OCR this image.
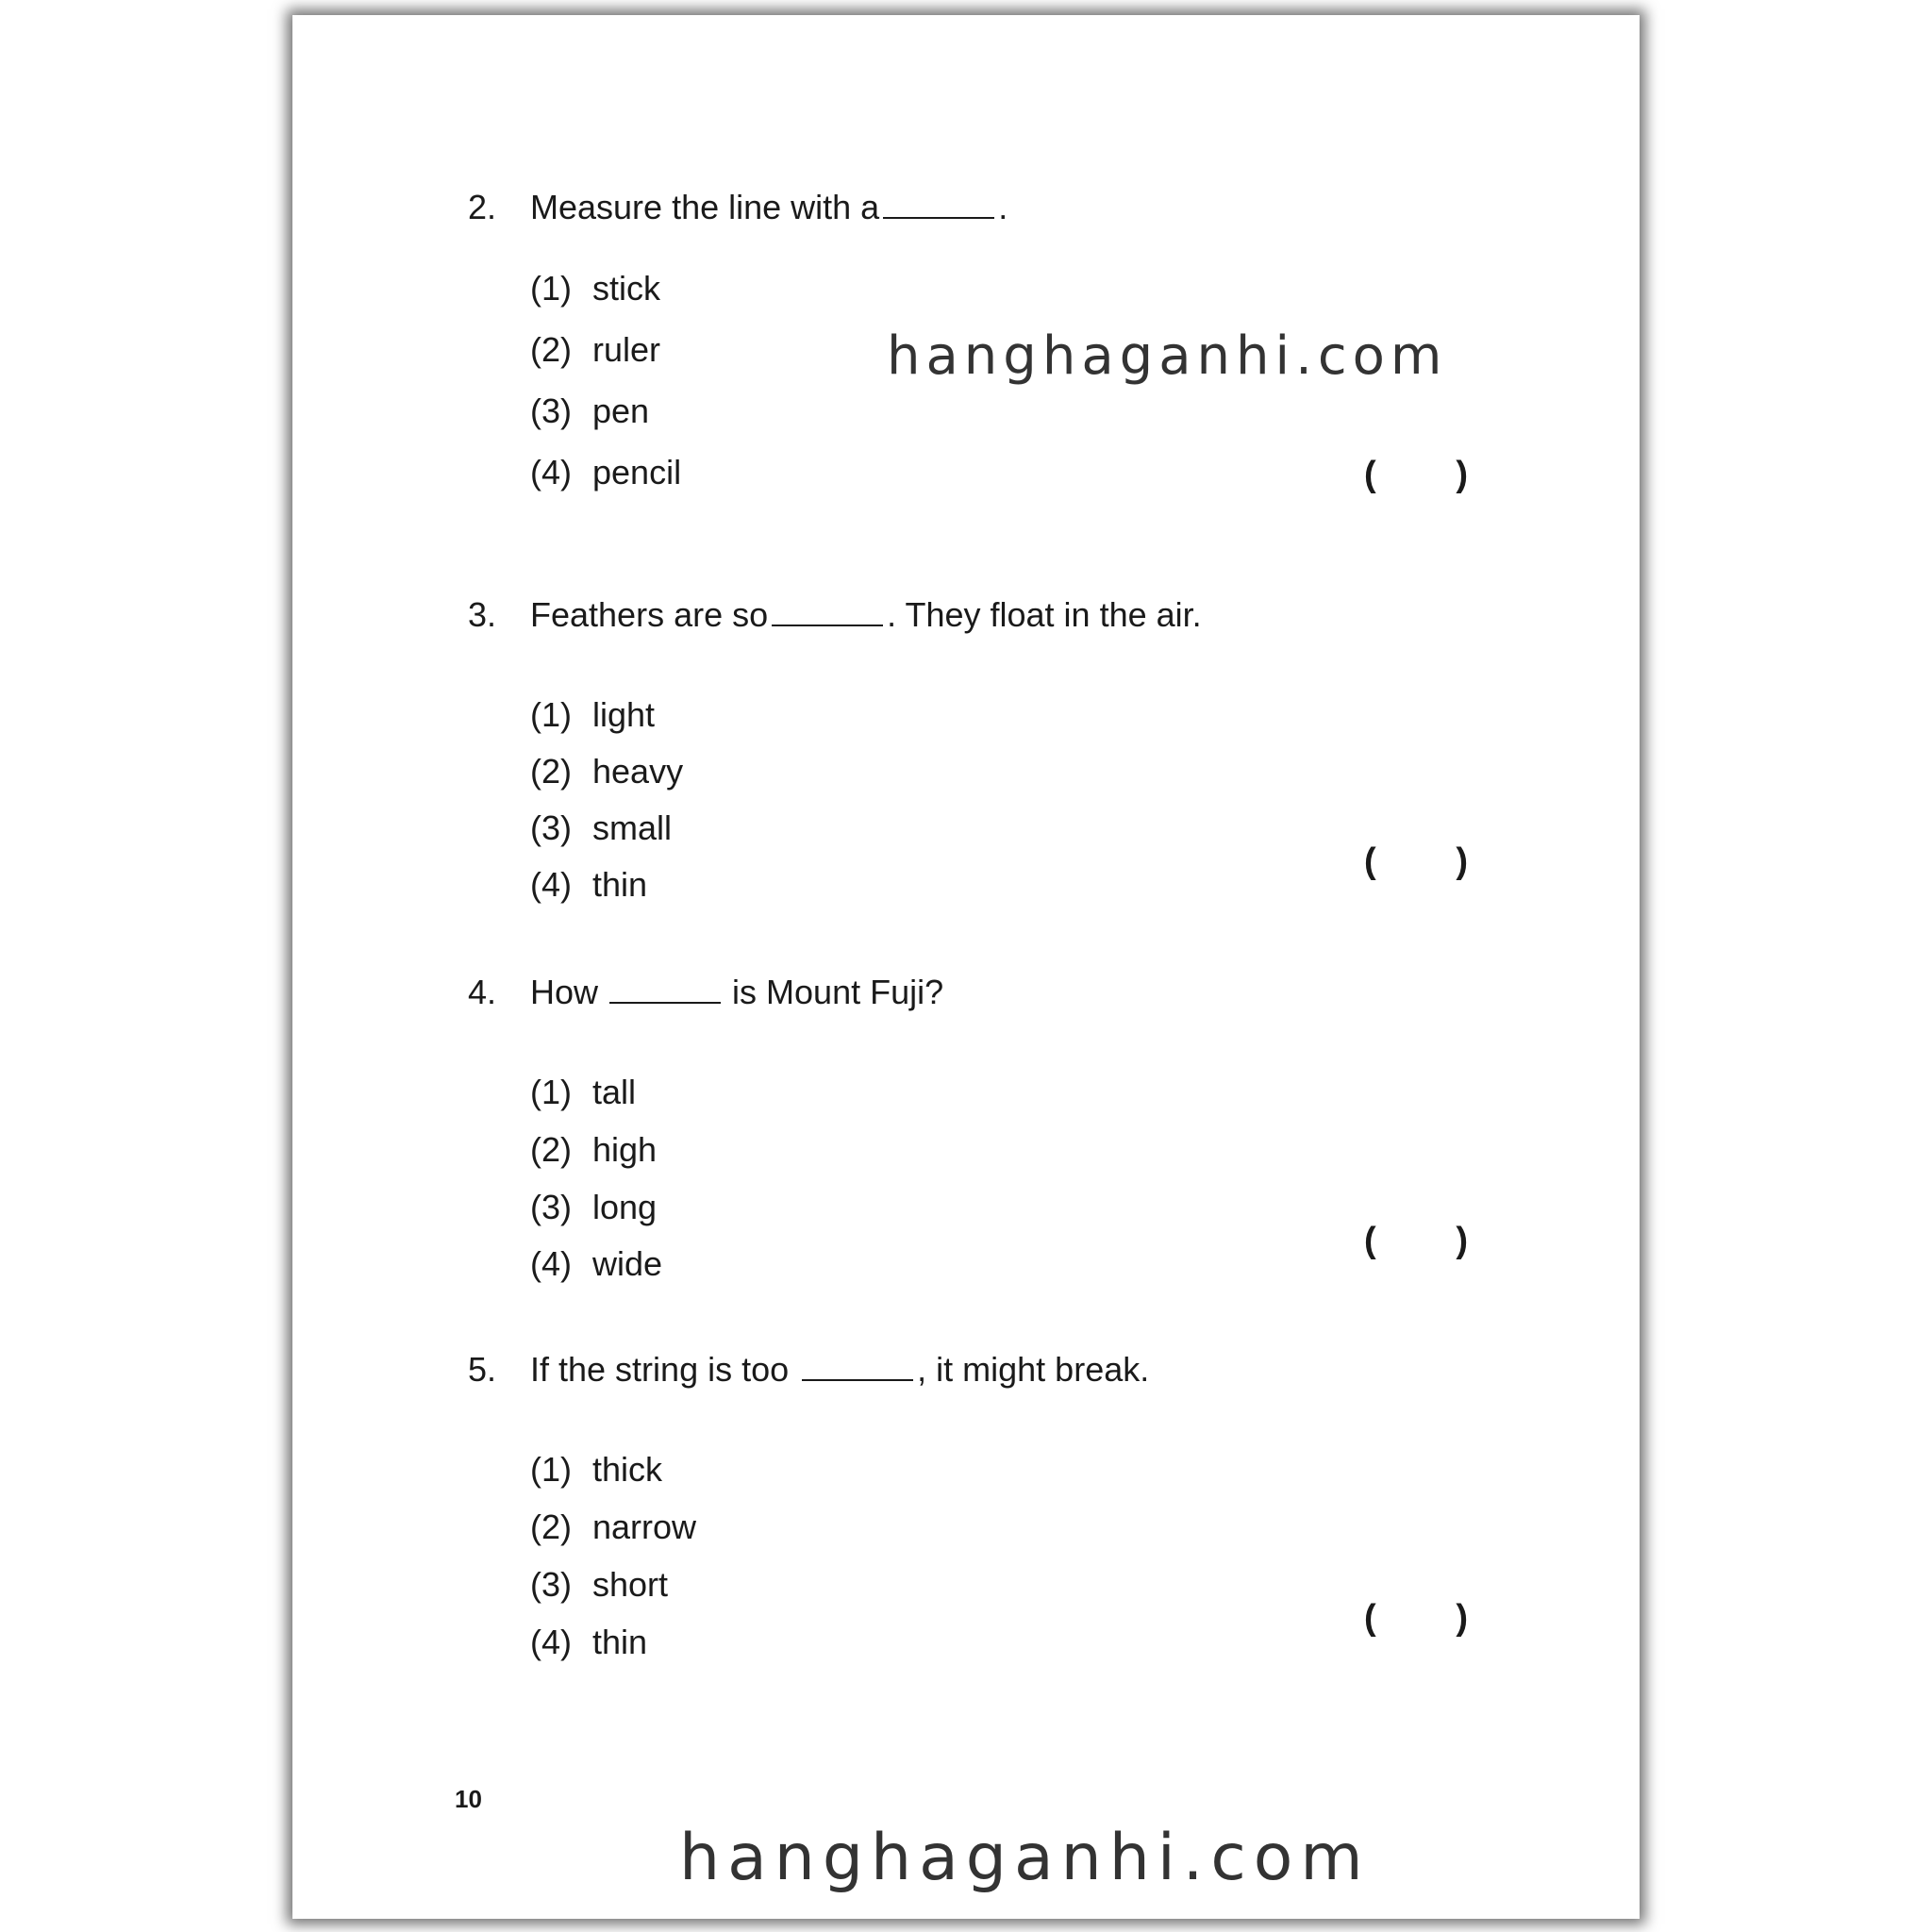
2. Measure the line with a	.
(1) stick
(2) ruler
(3) pen
(4) pencil	( )
3. Feathers are so	. They float in the air.
(1) light
(2) heavy
(3) small
(4) thin
( )
4. How	is Mount Fuji?
(1) tall
(2) high
(3) long
(4) wide
( )
5. If the string is too	, it might break.
(1) thick
(2) narrow
(3) short
(4) thin
( )
10
hanghaganhi.com
hanghaganhi.com
